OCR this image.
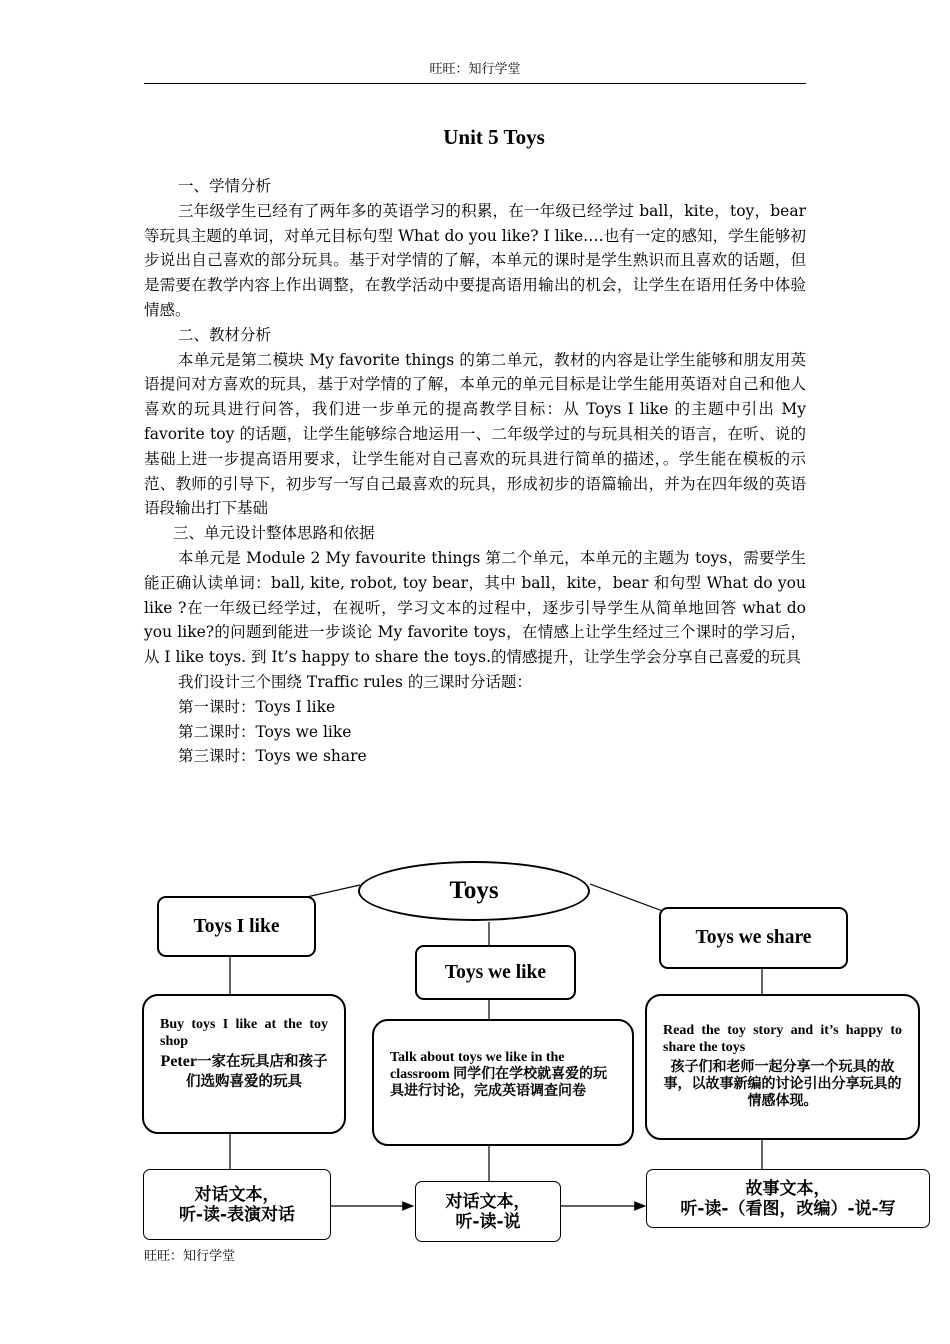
旺旺：知行学堂
Unit 5 Toys

一、学情分析

三年级学生已经有了两年多的英语学习的积累，在一年级已经学过 ball，kite，toy，bear 等玩具主题的单词，对单元目标句型 What do you like? I like….也有一定的感知，学生能够初步说出自己喜欢的部分玩具。基于对学情的了解，本单元的课时是学生熟识而且喜欢的话题，但是需要在教学内容上作出调整，在教学活动中要提高语用输出的机会，让学生在语用任务中体验情感。

二、教材分析

本单元是第二模块 My favorite things 的第二单元，教材的内容是让学生能够和朋友用英语提问对方喜欢的玩具，基于对学情的了解，本单元的单元目标是让学生能用英语对自己和他人喜欢的玩具进行问答，我们进一步单元的提高教学目标：从 Toys I like 的主题中引出 My favorite toy 的话题，让学生能够综合地运用一、二年级学过的与玩具相关的语言，在听、说的基础上进一步提高语用要求，让学生能对自己喜欢的玩具进行简单的描述，。学生能在模板的示范、教师的引导下，初步写一写自己最喜欢的玩具，形成初步的语篇输出，并为在四年级的英语语段输出打下基础

三、单元设计整体思路和依据

本单元是 Module 2 My favourite things 第二个单元，本单元的主题为 toys，需要学生能正确认读单词：ball, kite, robot, toy bear，其中 ball，kite，bear 和句型 What do you like ?在一年级已经学过，在视听，学习文本的过程中，逐步引导学生从简单地回答 what do you like?的问题到能进一步谈论 My favorite toys，在情感上让学生经过三个课时的学习后，从 I like toys. 到 It’s happy to share the toys.的情感提升，让学生学会分享自己喜爱的玩具

我们设计三个围绕 Traffic rules 的三课时分话题：

第一课时：Toys I like

第二课时：Toys we like

第三课时：Toys we share

Toys
Toys I like
Toys we like
Toys we share
Buy toys I like at the toy shop
Peter一家在玩具店和孩子们选购喜爱的玩具
Talk about toys we like in the classroom 同学们在学校就喜爱的玩具进行讨论，完成英语调查问卷
Read the toy story and it’s happy to share the toys
孩子们和老师一起分享一个玩具的故事，以故事新编的讨论引出分享玩具的情感体现。
对话文本，
听-读-表演对话
对话文本，
听-读-说
故事文本，
听-读-（看图，改编）-说-写
旺旺：知行学堂
